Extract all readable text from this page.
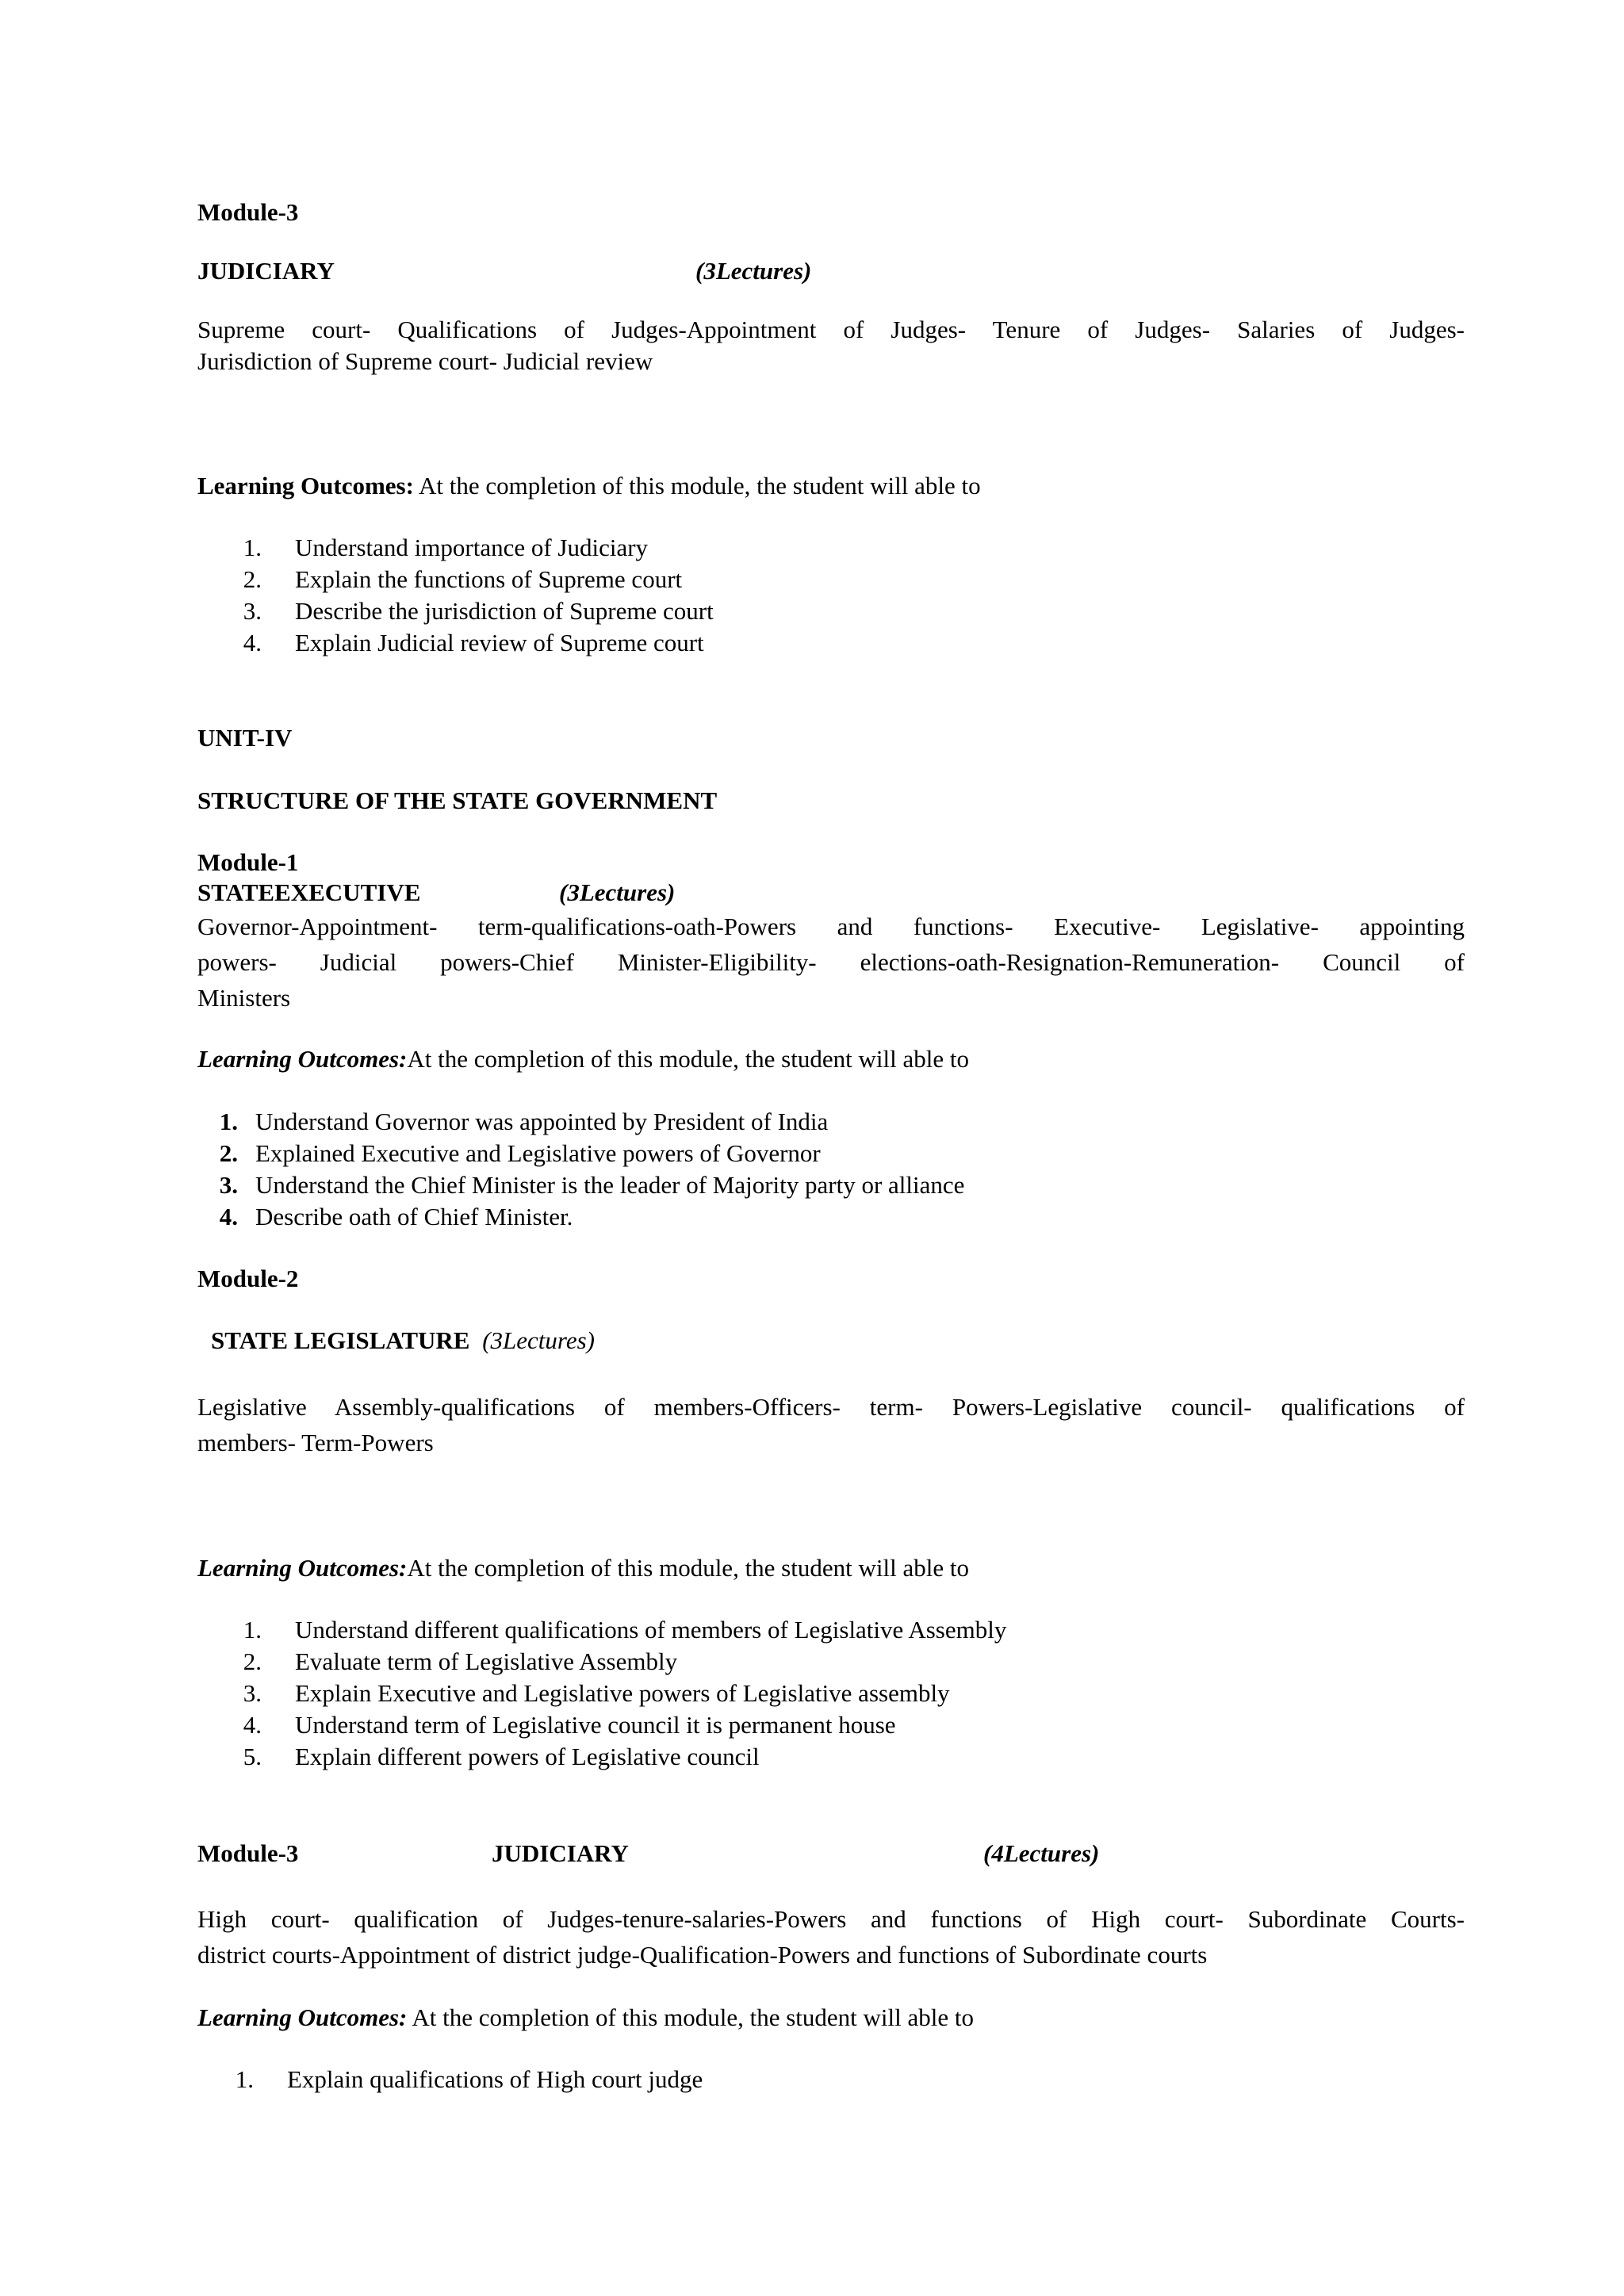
Module-3
JUDICIARY	(3Lectures)
Supreme court- Qualifications of Judges-Appointment of Judges- Tenure of Judges- Salaries of Judges-
Jurisdiction of Supreme court- Judicial review
Learning Outcomes: At the completion of this module, the student will able to
1. Understand importance of Judiciary
2. Explain the functions of Supreme court
3. Describe the jurisdiction of Supreme court
4. Explain Judicial review of Supreme court
UNIT-IV
STRUCTURE OF THE STATE GOVERNMENT
Module-1
STATEEXECUTIVE	(3Lectures)
Governor-Appointment- term-qualifications-oath-Powers and functions- Executive- Legislative- appointing
powers- Judicial powers-Chief Minister-Eligibility- elections-oath-Resignation-Remuneration- Council of
Ministers
Learning Outcomes:At the completion of this module, the student will able to
1. Understand Governor was appointed by President of India
2. Explained Executive and Legislative powers of Governor
3. Understand the Chief Minister is the leader of Majority party or alliance
4. Describe oath of Chief Minister.
Module-2
STATE LEGISLATURE (3Lectures)
Legislative Assembly-qualifications of members-Officers- term- Powers-Legislative council- qualifications of
members- Term-Powers
Learning Outcomes:At the completion of this module, the student will able to
1. Understand different qualifications of members of Legislative Assembly
2. Evaluate term of Legislative Assembly
3. Explain Executive and Legislative powers of Legislative assembly
4. Understand term of Legislative council it is permanent house
5. Explain different powers of Legislative council
Module-3	JUDICIARY	(4Lectures)
High court- qualification of Judges-tenure-salaries-Powers and functions of High court- Subordinate Courts-
district courts-Appointment of district judge-Qualification-Powers and functions of Subordinate courts
Learning Outcomes: At the completion of this module, the student will able to
1. Explain qualifications of High court judge
